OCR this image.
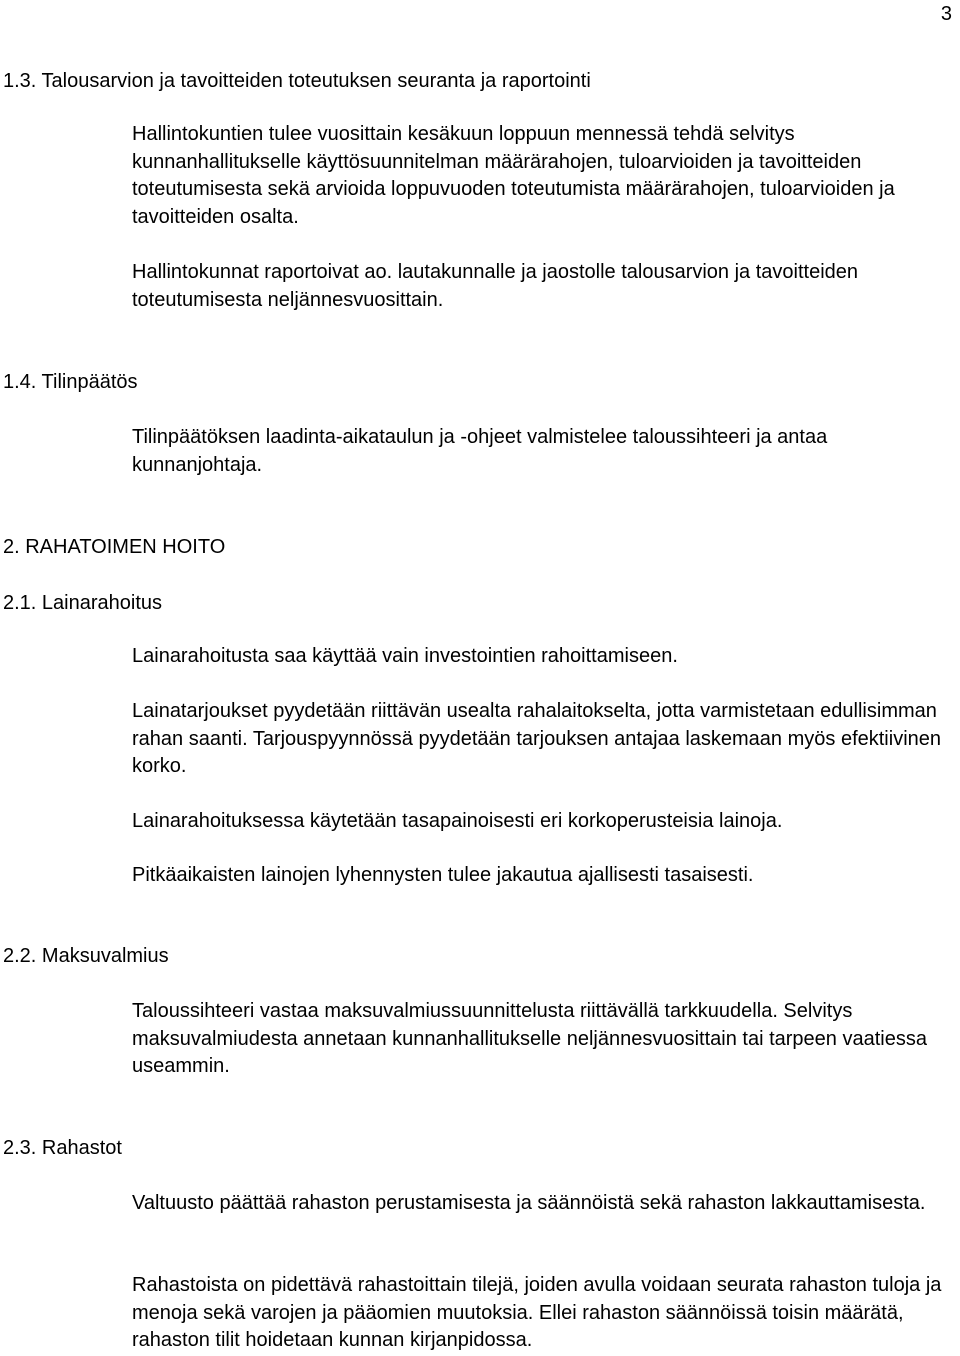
3
1.3. Talousarvion ja tavoitteiden toteutuksen seuranta ja raportointi

Hallintokuntien tulee vuosittain kesäkuun loppuun mennessä tehdä selvitys kunnanhallitukselle käyttösuunnitelman määrärahojen, tuloarvioiden ja tavoitteiden toteutumisesta sekä arvioida loppuvuoden toteutumista määrärahojen, tuloarvioiden ja tavoitteiden osalta.

Hallintokunnat raportoivat ao. lautakunnalle ja jaostolle talousarvion ja tavoitteiden toteutumisesta neljännesvuosittain.

1.4. Tilinpäätös

Tilinpäätöksen laadinta-aikataulun ja -ohjeet valmistelee taloussihteeri ja antaa kunnanjohtaja.

2. RAHATOIMEN HOITO
2.1. Lainarahoitus

Lainarahoitusta saa käyttää vain investointien rahoittamiseen.

Lainatarjoukset pyydetään riittävän usealta rahalaitokselta, jotta varmistetaan edullisimman rahan saanti. Tarjouspyynnössä pyydetään tarjouksen antajaa laskemaan myös efektiivinen korko.

Lainarahoituksessa käytetään tasapainoisesti eri korkoperusteisia lainoja.

Pitkäaikaisten lainojen lyhennysten tulee jakautua ajallisesti tasaisesti.

2.2. Maksuvalmius

Taloussihteeri vastaa maksuvalmiussuunnittelusta riittävällä tarkkuudella. Selvitys maksuvalmiudesta annetaan kunnanhallitukselle neljännesvuosittain tai tarpeen vaatiessa useammin.

2.3. Rahastot

Valtuusto päättää rahaston perustamisesta ja säännöistä sekä rahaston lakkauttamisesta.

Rahastoista on pidettävä rahastoittain tilejä, joiden avulla voidaan seurata rahaston tuloja ja menoja sekä varojen ja pääomien muutoksia. Ellei rahaston säännöissä toisin määrätä, rahaston tilit hoidetaan kunnan kirjanpidossa.
